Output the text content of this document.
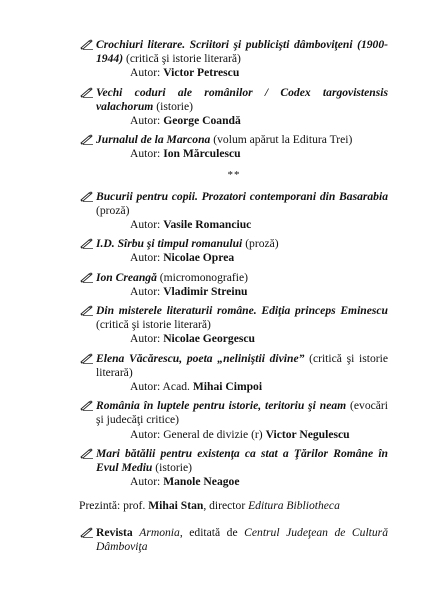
Crochiuri literare. Scriitori şi publicişti dâmboviţeni (1900-1944) (critică şi istorie literară)
Autor: Victor Petrescu
Vechi coduri ale românilor / Codex targovistensis valachorum (istorie)
Autor: George Coandă
Jurnalul de la Marcona (volum apărut la Editura Trei)
Autor: Ion Mărculescu
**
Bucurii pentru copii. Prozatori contemporani din Basarabia (proză)
Autor: Vasile Romanciuc
I.D. Sîrbu şi timpul romanului (proză)
Autor: Nicolae Oprea
Ion Creangă (micromonografie)
Autor: Vladimir Streinu
Din misterele literaturii române. Ediţia princeps Eminescu (critică şi istorie literară)
Autor: Nicolae Georgescu
Elena Văcărescu, poeta „neliniştii divine” (critică şi istorie literară)
Autor: Acad. Mihai Cimpoi
România în luptele pentru istorie, teritoriu şi neam (evocări şi judecăţi critice)
Autor: General de divizie (r) Victor Negulescu
Mari bătălii pentru existenţa ca stat a Ţărilor Române în Evul Mediu (istorie)
Autor: Manole Neagoe
Prezintă: prof. Mihai Stan, director Editura Bibliotheca
Revista Armonia, editată de Centrul Judeţean de Cultură Dâmboviţa
